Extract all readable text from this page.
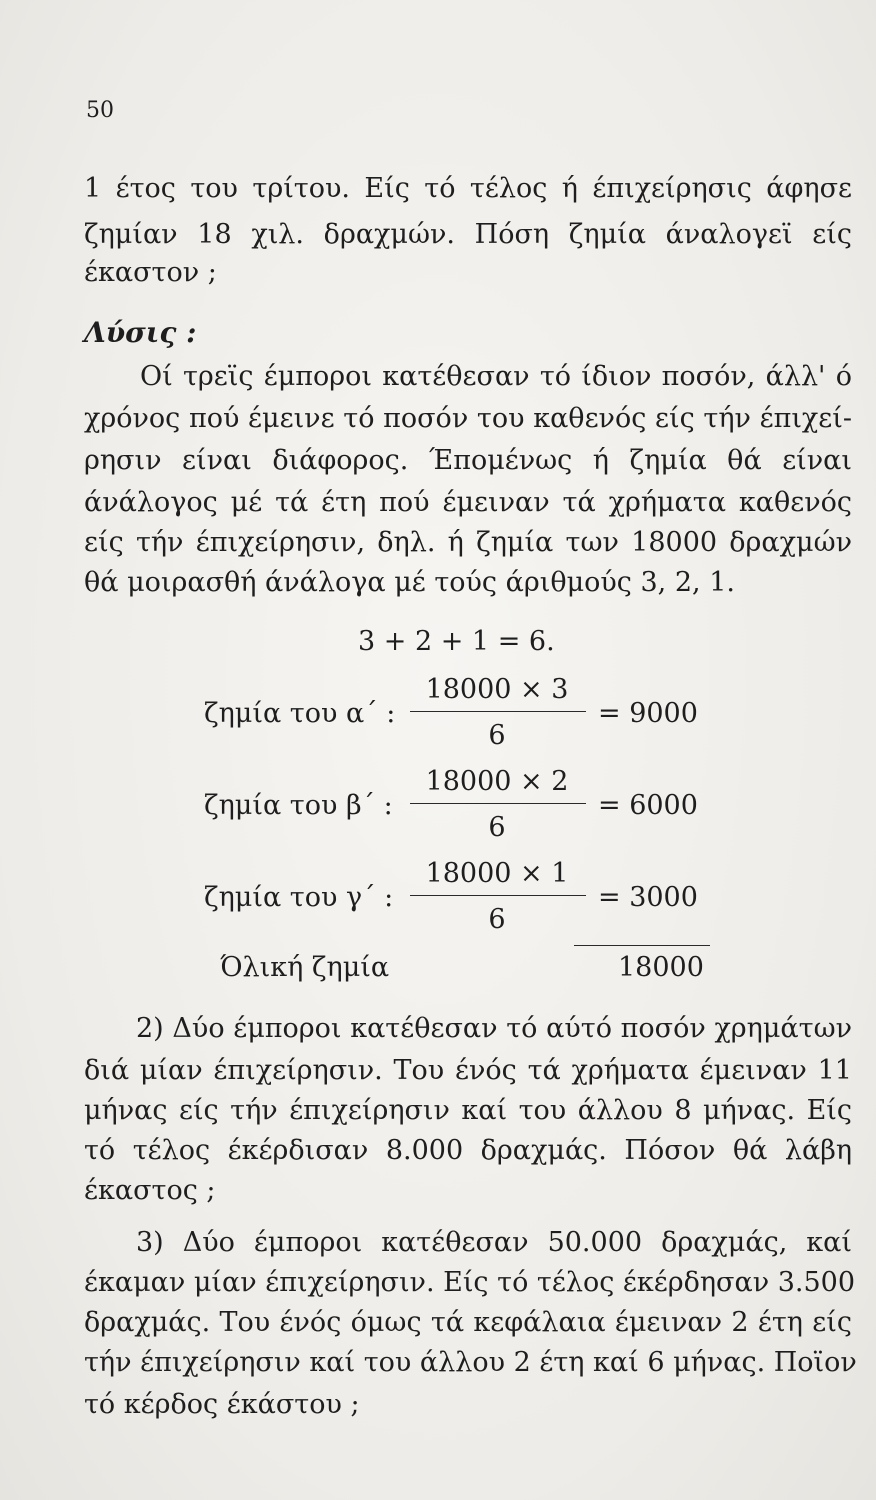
50
1 έτος του τρίτου. Είς τό τέλος ή έπιχείρησις άφησε
ζημίαν 18 χιλ. δραχμών. Πόση ζημία άναλογεϊ είς
έκαστον ;
Λύσις :
Οί τρεϊς έμποροι κατέθεσαν τό ίδιον ποσόν, άλλ' ό
χρόνος πού έμεινε τό ποσόν του καθενός είς τήν έπιχεί-
ρησιν είναι διάφορος. Έπομένως ή ζημία θά είναι
άνάλογος μέ τά έτη πού έμειναν τά χρήματα καθενός
είς τήν έπιχείρησιν, δηλ. ή ζημία των 18000 δραχμών
θά μοιρασθή άνάλογα μέ τούς άριθμούς 3, 2, 1.
3 + 2 + 1 = 6.
ζημία του α΄ :
18000 × 3
6
= 9000
ζημία του β΄ :
18000 × 2
6
= 6000
ζημία του γ΄ :
18000 × 1
6
= 3000
Όλική ζημία	18000
2) Δύο έμποροι κατέθεσαν τό αύτό ποσόν χρημάτων
διά μίαν έπιχείρησιν. Του ένός τά χρήματα έμειναν 11
μήνας είς τήν έπιχείρησιν καί του άλλου 8 μήνας. Είς
τό τέλος έκέρδισαν 8.000 δραχμάς. Πόσον θά λάβη
έκαστος ;
3) Δύο έμποροι κατέθεσαν 50.000 δραχμάς, καί
έκαμαν μίαν έπιχείρησιν. Είς τό τέλος έκέρδησαν 3.500
δραχμάς. Του ένός όμως τά κεφάλαια έμειναν 2 έτη είς
τήν έπιχείρησιν καί του άλλου 2 έτη καί 6 μήνας. Ποϊον
τό κέρδος έκάστου ;
